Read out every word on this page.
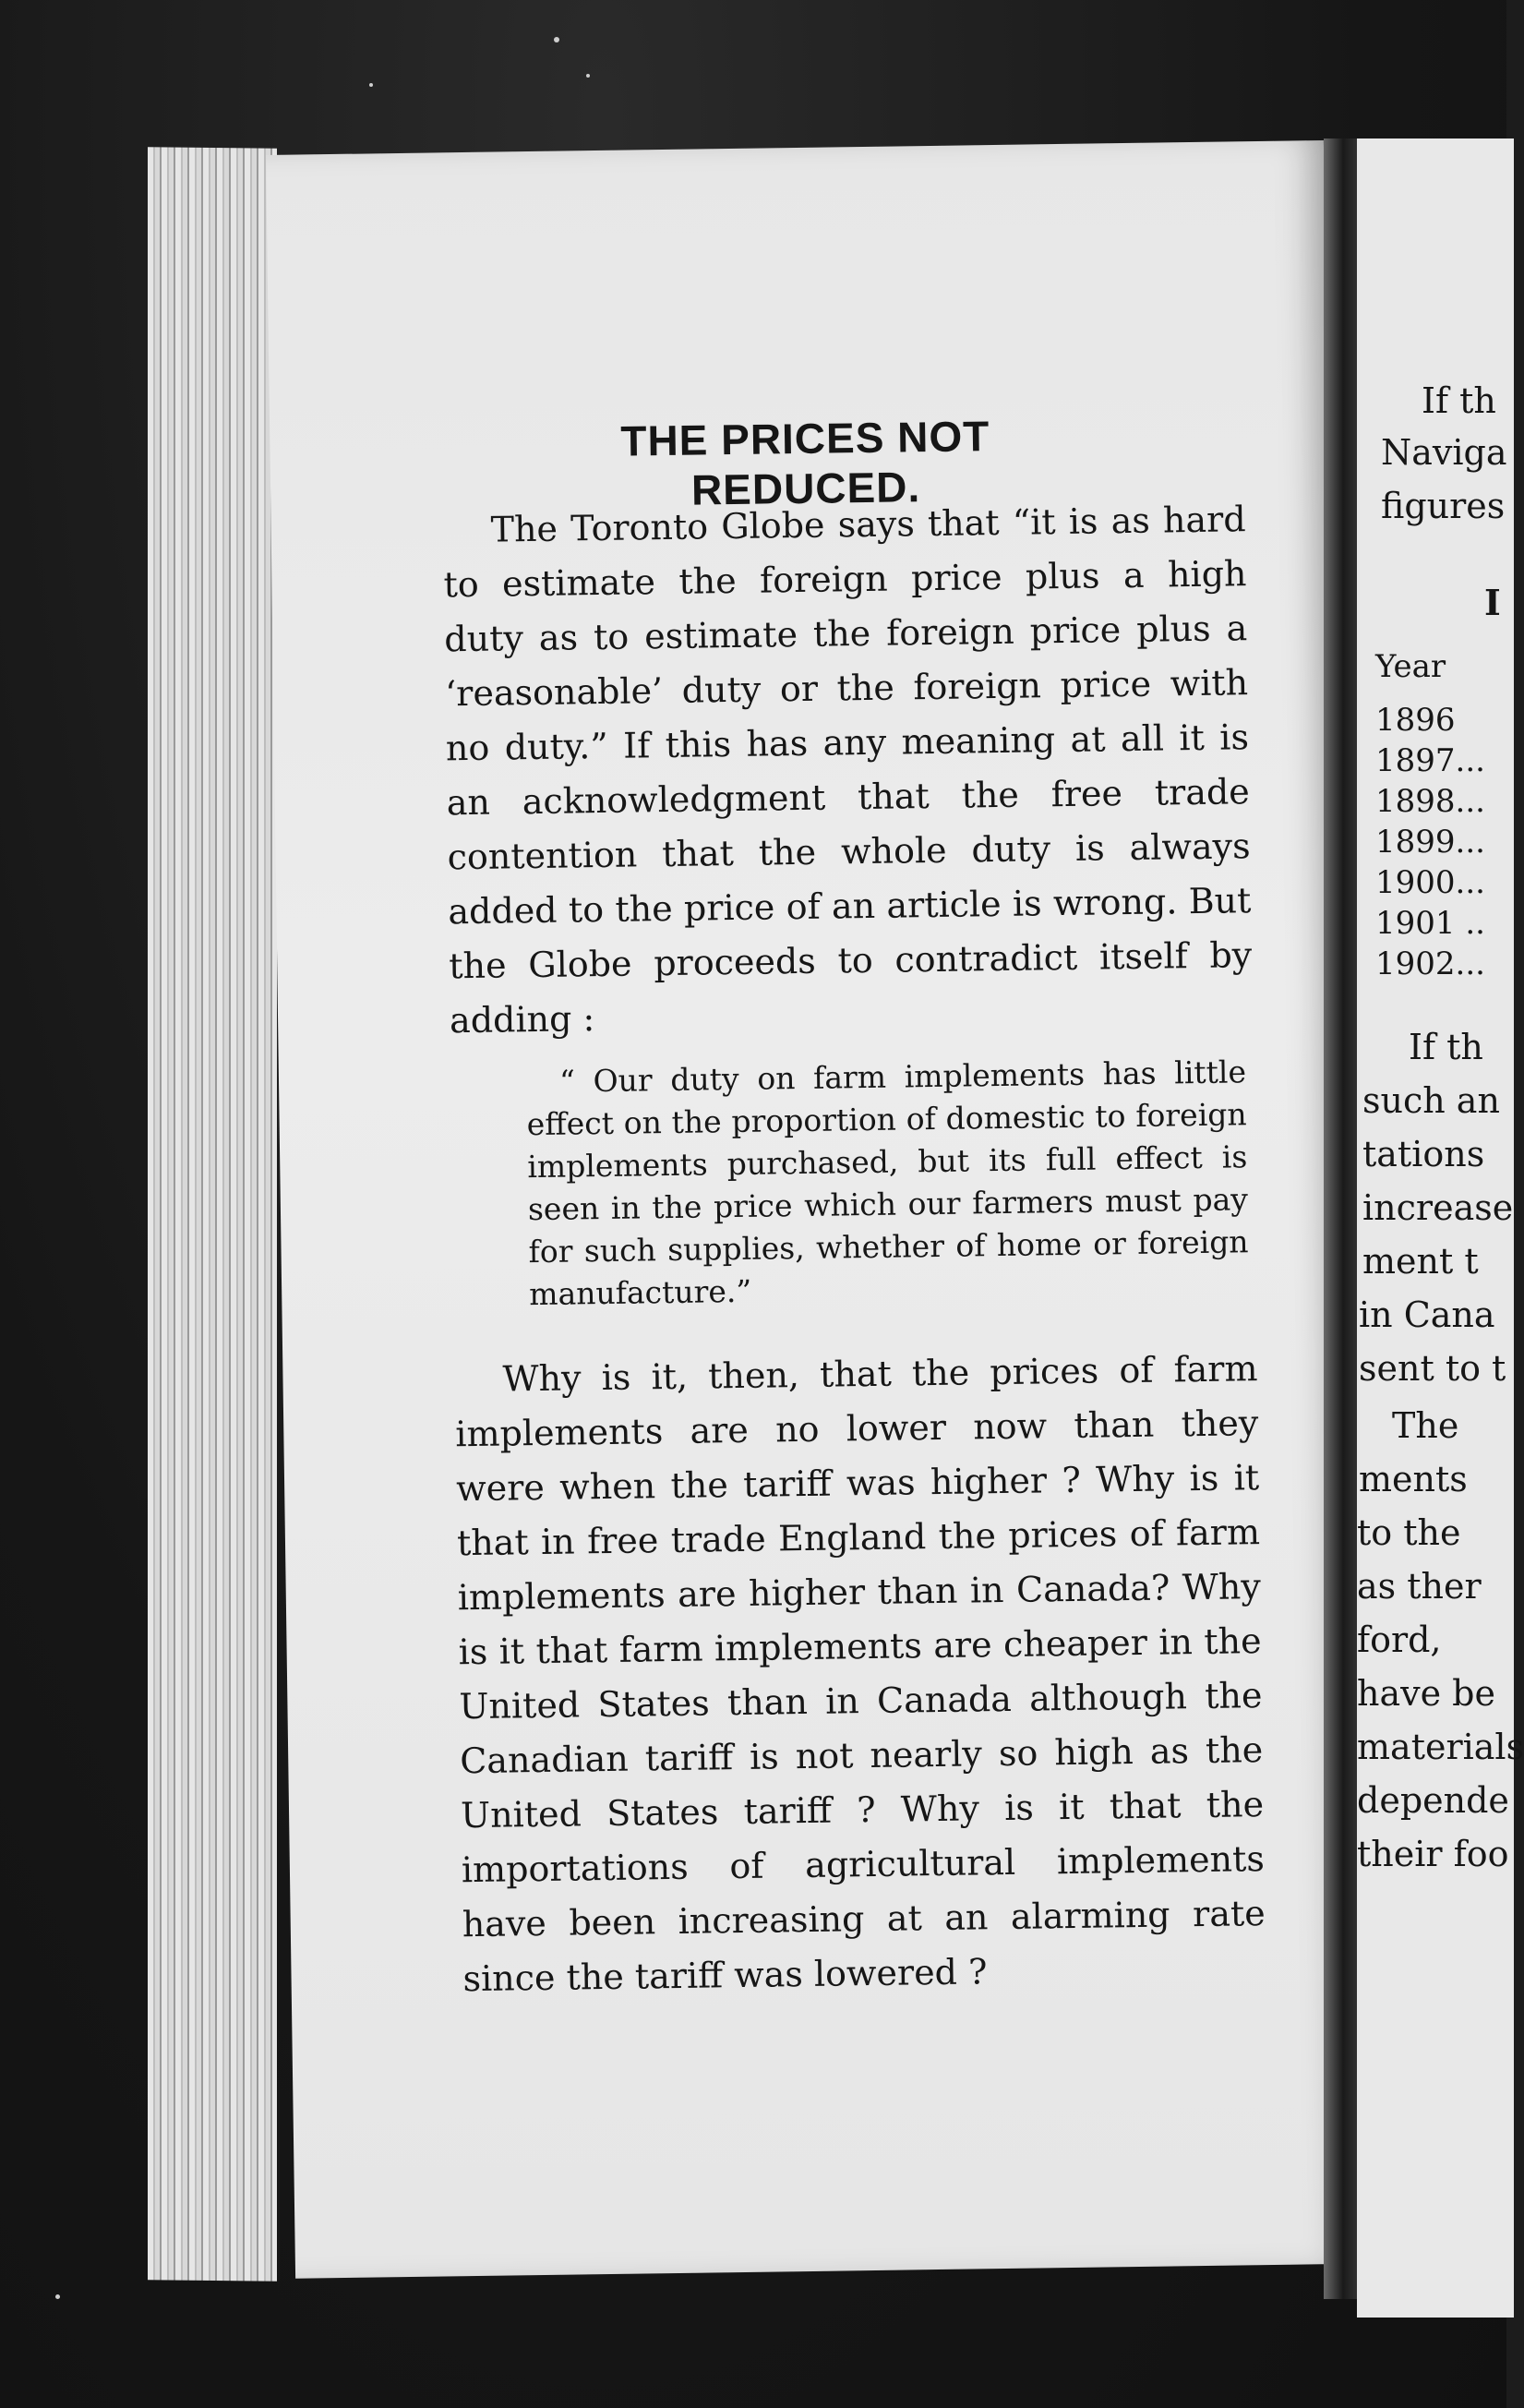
THE PRICES NOT REDUCED.

The Toronto Globe says that “it is as hard to estimate the foreign price plus a high duty as to estimate the foreign price plus a ‘reasonable’ duty or the foreign price with no duty.” If this has any meaning at all it is an acknowledgment that the free trade contention that the whole duty is always added to the price of an article is wrong. But the Globe proceeds to contradict itself by adding :

“ Our duty on farm implements has little effect on the proportion of domestic to foreign implements purchased, but its full effect is seen in the price which our farmers must pay for such supplies, whether of home or foreign manufacture.”

Why is it, then, that the prices of farm implements are no lower now than they were when the tariff was higher ? Why is it that in free trade England the prices of farm implements are higher than in Canada? Why is it that farm implements are cheaper in the United States than in Canada although the Canadian tariff is not nearly so high as the United States tariff ? Why is it that the importations of agricultural implements have been increasing at an alarming rate since the tariff was lowered ?

If th
Naviga
figures
I
Year
1896
1897...
1898...
1899...
1900...
1901 ..
1902...
If th
such an
tations
increase
ment t
in Cana
sent to t
The
ments
to the
as ther
ford,
have be
materials
depende
their foo
